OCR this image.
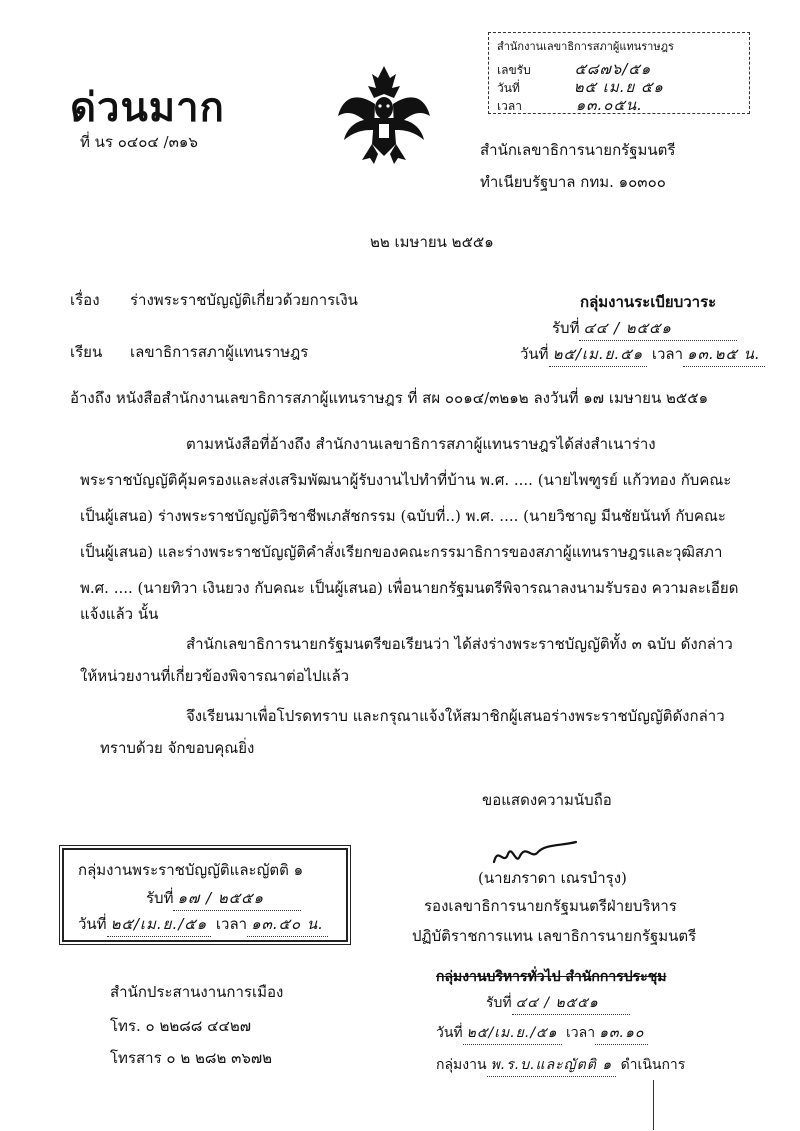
สำนักงานเลขาธิการสภาผู้แทนราษฎร
เลขรับ	๕๘๗๖/๕๑
วันที่	๒๕ เม.ย ๕๑
เวลา	๑๓.๐๕น.
ด่วนมาก
ที่ นร ๐๔๐๔ /๓๑๖	สำนักเลขาธิการนายกรัฐมนตรี
ทำเนียบรัฐบาล กทม. ๑๐๓๐๐
๒๒ เมษายน ๒๕๕๑
กลุ่มงานระเบียบวาระ
รับที่ ๔๔ / ๒๕๕๑
วันที่ ๒๕/เม.ย.๕๑ เวลา ๑๓.๒๕ น.
เรื่อง ร่างพระราชบัญญัติเกี่ยวด้วยการเงิน
เรียน เลขาธิการสภาผู้แทนราษฎร
อ้างถึง หนังสือสำนักงานเลขาธิการสภาผู้แทนราษฎร ที่ สผ ๐๐๑๔/๓๒๑๒ ลงวันที่ ๑๗ เมษายน ๒๕๕๑
ตามหนังสือที่อ้างถึง สำนักงานเลขาธิการสภาผู้แทนราษฎรได้ส่งสำเนาร่าง
พระราชบัญญัติคุ้มครองและส่งเสริมพัฒนาผู้รับงานไปทำที่บ้าน พ.ศ. .... (นายไพฑูรย์ แก้วทอง กับคณะ
เป็นผู้เสนอ) ร่างพระราชบัญญัติวิชาชีพเภสัชกรรม (ฉบับที่..) พ.ศ. .... (นายวิชาญ มีนชัยนันท์ กับคณะ
เป็นผู้เสนอ) และร่างพระราชบัญญัติคำสั่งเรียกของคณะกรรมาธิการของสภาผู้แทนราษฎรและวุฒิสภา
พ.ศ. .... (นายทิวา เงินยวง กับคณะ เป็นผู้เสนอ) เพื่อนายกรัฐมนตรีพิจารณาลงนามรับรอง ความละเอียด
แจ้งแล้ว นั้น
สำนักเลขาธิการนายกรัฐมนตรีขอเรียนว่า ได้ส่งร่างพระราชบัญญัติทั้ง ๓ ฉบับ ดังกล่าว
ให้หน่วยงานที่เกี่ยวข้องพิจารณาต่อไปแล้ว
จึงเรียนมาเพื่อโปรดทราบ และกรุณาแจ้งให้สมาชิกผู้เสนอร่างพระราชบัญญัติดังกล่าว
ทราบด้วย จักขอบคุณยิ่ง
ขอแสดงความนับถือ
(นายภราดา เณรบำรุง)
รองเลขาธิการนายกรัฐมนตรีฝ่ายบริหาร
ปฏิบัติราชการแทน เลขาธิการนายกรัฐมนตรี
กลุ่มงานพระราชบัญญัติและญัตติ ๑
รับที่ ๑๗ / ๒๕๕๑
วันที่ ๒๕/เม.ย./๕๑ เวลา ๑๓.๕๐ น.
สำนักประสานงานการเมือง
โทร. ๐ ๒๒๘๘ ๔๔๒๗
โทรสาร ๐ ๒ ๒๘๒ ๓๖๗๒
กลุ่มงานบริหารทั่วไป สำนักการประชุม
รับที่ ๔๔ / ๒๕๕๑
วันที่ ๒๕/เม.ย./๕๑ เวลา ๑๓.๑๐
กลุ่มงาน พ.ร.บ.และญัตติ ๑ ดำเนินการ
